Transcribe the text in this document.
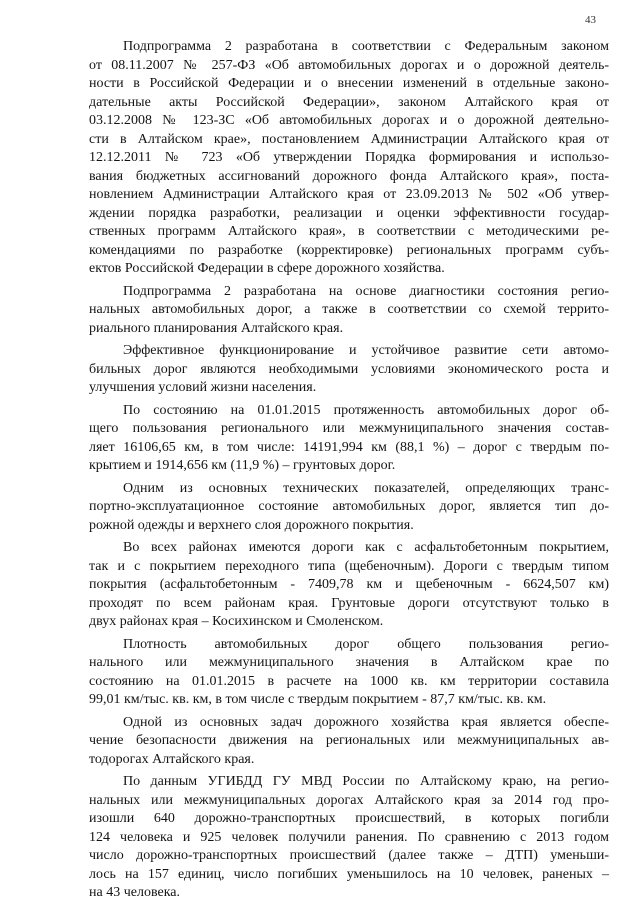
43
Подпрограмма 2 разработана в соответствии с Федеральным законом
от 08.11.2007 № 257-ФЗ «Об автомобильных дорогах и о дорожной деятель-
ности в Российской Федерации и о внесении изменений в отдельные законо-
дательные акты Российской Федерации», законом Алтайского края от
03.12.2008 № 123-ЗС «Об автомобильных дорогах и о дорожной деятельно-
сти в Алтайском крае», постановлением Администрации Алтайского края от
12.12.2011 № 723 «Об утверждении Порядка формирования и использо-
вания бюджетных ассигнований дорожного фонда Алтайского края», поста-
новлением Администрации Алтайского края от 23.09.2013 № 502 «Об утвер-
ждении порядка разработки, реализации и оценки эффективности государ-
ственных программ Алтайского края», в соответствии с методическими ре-
комендациями по разработке (корректировке) региональных программ субъ-
ектов Российской Федерации в сфере дорожного хозяйства.
Подпрограмма 2 разработана на основе диагностики состояния регио-
нальных автомобильных дорог, а также в соответствии со схемой террито-
риального планирования Алтайского края.
Эффективное функционирование и устойчивое развитие сети автомо-
бильных дорог являются необходимыми условиями экономического роста и
улучшения условий жизни населения.
По состоянию на 01.01.2015 протяженность автомобильных дорог об-
щего пользования регионального или межмуниципального значения состав-
ляет 16106,65 км, в том числе: 14191,994 км (88,1 %) – дорог с твердым по-
крытием и 1914,656 км (11,9 %) – грунтовых дорог.
Одним из основных технических показателей, определяющих транс-
портно-эксплуатационное состояние автомобильных дорог, является тип до-
рожной одежды и верхнего слоя дорожного покрытия.
Во всех районах имеются дороги как с асфальтобетонным покрытием,
так и с покрытием переходного типа (щебеночным). Дороги с твердым типом
покрытия (асфальтобетонным - 7409,78 км и щебеночным - 6624,507 км)
проходят по всем районам края. Грунтовые дороги отсутствуют только в
двух районах края – Косихинском и Смоленском.
Плотность автомобильных дорог общего пользования регио-
нального или межмуниципального значения в Алтайском крае по
состоянию на 01.01.2015 в расчете на 1000 кв. км территории составила
99,01 км/тыс. кв. км, в том числе с твердым покрытием - 87,7 км/тыс. кв. км.
Одной из основных задач дорожного хозяйства края является обеспе-
чение безопасности движения на региональных или межмуниципальных ав-
тодорогах Алтайского края.
По данным УГИБДД ГУ МВД России по Алтайскому краю, на регио-
нальных или межмуниципальных дорогах Алтайского края за 2014 год про-
изошли 640 дорожно-транспортных происшествий, в которых погибли
124 человека и 925 человек получили ранения. По сравнению с 2013 годом
число дорожно-транспортных происшествий (далее также – ДТП) уменьши-
лось на 157 единиц, число погибших уменьшилось на 10 человек, раненых –
на 43 человека.
